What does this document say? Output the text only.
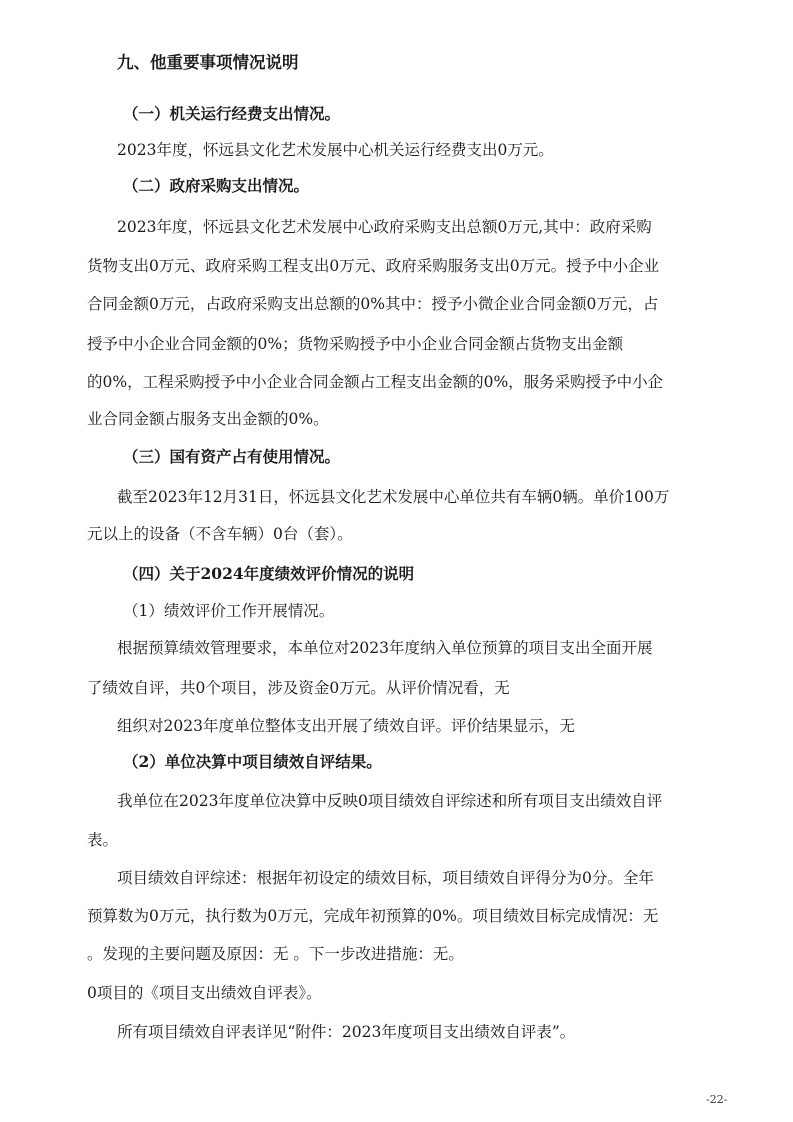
九、他重要事项情况说明

（一）机关运行经费支出情况。

2023年度，怀远县文化艺术发展中心机关运行经费支出0万元。

（二）政府采购支出情况。

2023年度，怀远县文化艺术发展中心政府采购支出总额0万元,其中：政府采购

货物支出0万元、政府采购工程支出0万元、政府采购服务支出0万元。授予中小企业

合同金额0万元，占政府采购支出总额的0%其中：授予小微企业合同金额0万元，占

授予中小企业合同金额的0%；货物采购授予中小企业合同金额占货物支出金额

的0%，工程采购授予中小企业合同金额占工程支出金额的0%，服务采购授予中小企

业合同金额占服务支出金额的0%。

（三）国有资产占有使用情况。

截至2023年12月31日，怀远县文化艺术发展中心单位共有车辆0辆。单价100万

元以上的设备（不含车辆）0台（套）。

（四）关于2024年度绩效评价情况的说明

（1）绩效评价工作开展情况。

根据预算绩效管理要求，本单位对2023年度纳入单位预算的项目支出全面开展

了绩效自评，共0个项目，涉及资金0万元。从评价情况看，无

组织对2023年度单位整体支出开展了绩效自评。评价结果显示，无

（2）单位决算中项目绩效自评结果。

我单位在2023年度单位决算中反映0项目绩效自评综述和所有项目支出绩效自评

表。

项目绩效自评综述：根据年初设定的绩效目标，项目绩效自评得分为0分。全年

预算数为0万元，执行数为0万元，完成年初预算的0%。项目绩效目标完成情况：无

。发现的主要问题及原因：无 。下一步改进措施：无。

0项目的《项目支出绩效自评表》。

所有项目绩效自评表详见“附件：2023年度项目支出绩效自评表”。

-22-
